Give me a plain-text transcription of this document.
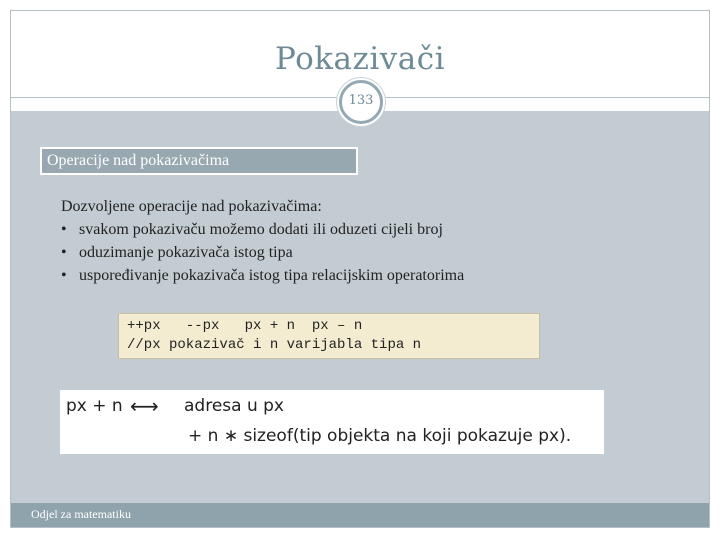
Pokazivači
133
Operacije nad pokazivačima
Dozvoljene operacije nad pokazivačima:
• svakom pokazivaču možemo dodati ili oduzeti cijeli broj
• oduzimanje pokazivača istog tipa
• uspoređivanje pokazivača istog tipa relacijskim operatorima
++px   --px   px + n  px – n
//px pokazivač i n varijabla tipa n
px + n ⟷ adresa u px
+ n ∗ sizeof(tip objekta na koji pokazuje px).
Odjel za matematiku
